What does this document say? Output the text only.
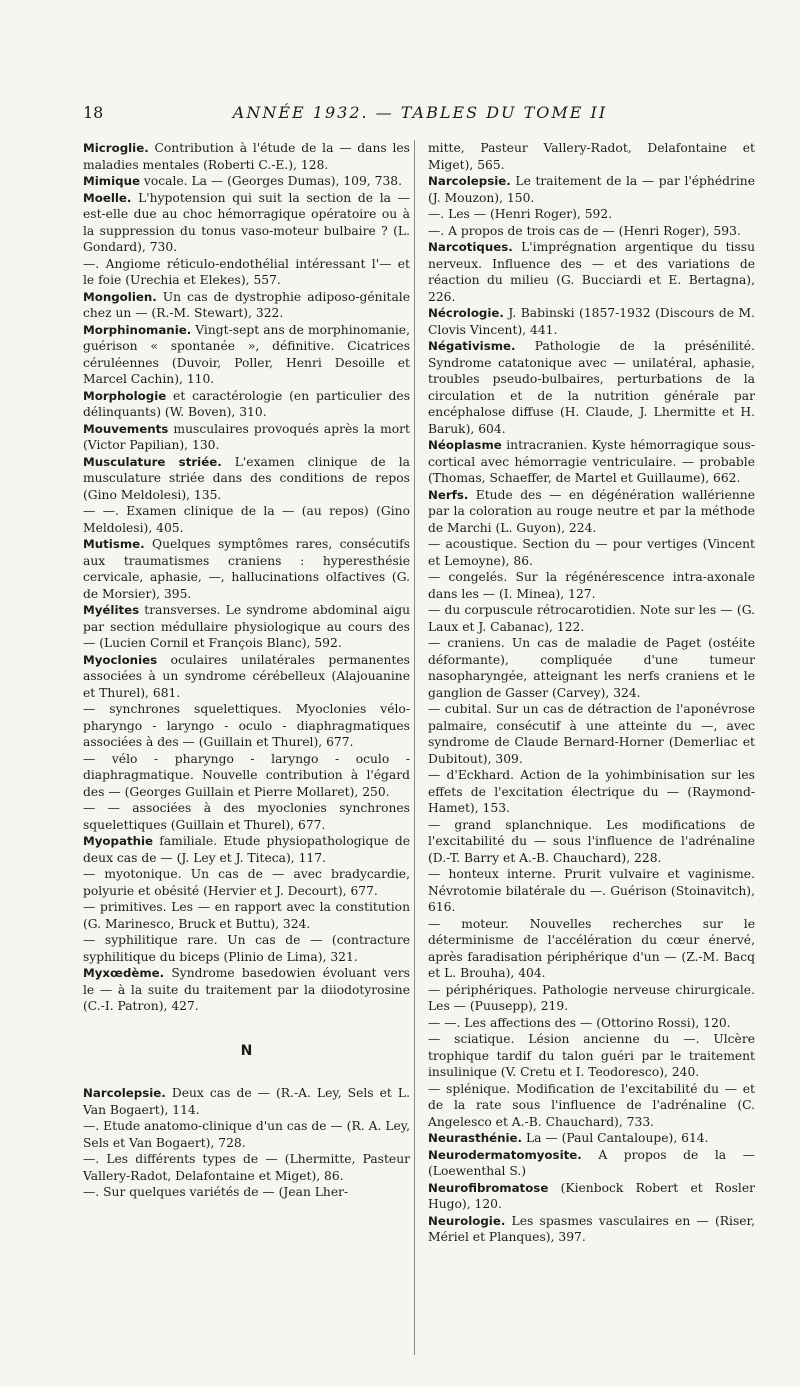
18	ANNÉE 1932. — TABLES DU TOME II

Microglie. Contribution à l'étude de la — dans les maladies mentales (Roberti C.-E.), 128.

Mimique vocale. La — (Georges Dumas), 109, 738.

Moelle. L'hypotension qui suit la section de la — est-elle due au choc hémorragique opératoire ou à la suppression du tonus vaso-moteur bulbaire ? (L. Gondard), 730.

—. Angiome réticulo-endothélial intéressant l'— et le foie (Urechia et Elekes), 557.

Mongolien. Un cas de dystrophie adiposo-génitale chez un — (R.-M. Stewart), 322.

Morphinomanie. Vingt-sept ans de morphinomanie, guérison « spontanée », définitive. Cicatrices céruléennes (Duvoir, Poller, Henri Desoille et Marcel Cachin), 110.

Morphologie et caractérologie (en particulier des délinquants) (W. Boven), 310.

Mouvements musculaires provoqués après la mort (Victor Papilian), 130.

Musculature striée. L'examen clinique de la musculature striée dans des conditions de repos (Gino Meldolesi), 135.

— —. Examen clinique de la — (au repos) (Gino Meldolesi), 405.

Mutisme. Quelques symptômes rares, consécutifs aux traumatismes craniens : hyperesthésie cervicale, aphasie, —, hallucinations olfactives (G. de Morsier), 395.

Myélites transverses. Le syndrome abdominal aigu par section médullaire physiologique au cours des — (Lucien Cornil et François Blanc), 592.

Myoclonies oculaires unilatérales permanentes associées à un syndrome cérébelleux (Alajouanine et Thurel), 681.

— synchrones squelettiques. Myoclonies vélo-pharyngo - laryngo - oculo - diaphragmatiques associées à des — (Guillain et Thurel), 677.

— vélo - pharyngo - laryngo - oculo - diaphragmatique. Nouvelle contribution à l'égard des — (Georges Guillain et Pierre Mollaret), 250.

— — associées à des myoclonies synchrones squelettiques (Guillain et Thurel), 677.

Myopathie familiale. Etude physiopathologique de deux cas de — (J. Ley et J. Titeca), 117.

— myotonique. Un cas de — avec bradycardie, polyurie et obésité (Hervier et J. Decourt), 677.

— primitives. Les — en rapport avec la constitution (G. Marinesco, Bruck et Buttu), 324.

— syphilitique rare. Un cas de — (contracture syphilitique du biceps (Plinio de Lima), 321.

Myxœdème. Syndrome basedowien évoluant vers le — à la suite du traitement par la diiodotyrosine (C.-I. Patron), 427.

N

Narcolepsie. Deux cas de — (R.-A. Ley, Sels et L. Van Bogaert), 114.

—. Etude anatomo-clinique d'un cas de — (R. A. Ley, Sels et Van Bogaert), 728.

—. Les différents types de — (Lhermitte, Pasteur Vallery-Radot, Delafontaine et Miget), 86.

—. Sur quelques variétés de — (Jean Lher-

mitte, Pasteur Vallery-Radot, Delafontaine et Miget), 565.

Narcolepsie. Le traitement de la — par l'éphédrine (J. Mouzon), 150.

—. Les — (Henri Roger), 592.

—. A propos de trois cas de — (Henri Roger), 593.

Narcotiques. L'imprégnation argentique du tissu nerveux. Influence des — et des variations de réaction du milieu (G. Bucciardi et E. Bertagna), 226.

Nécrologie. J. Babinski (1857-1932 (Discours de M. Clovis Vincent), 441.

Négativisme. Pathologie de la présénilité. Syndrome catatonique avec — unilatéral, aphasie, troubles pseudo-bulbaires, perturbations de la circulation et de la nutrition générale par encéphalose diffuse (H. Claude, J. Lhermitte et H. Baruk), 604.

Néoplasme intracranien. Kyste hémorragique sous-cortical avec hémorragie ventriculaire. — probable (Thomas, Schaeffer, de Martel et Guillaume), 662.

Nerfs. Etude des — en dégénération wallérienne par la coloration au rouge neutre et par la méthode de Marchi (L. Guyon), 224.

— acoustique. Section du — pour vertiges (Vincent et Lemoyne), 86.

— congelés. Sur la régénérescence intra-axonale dans les — (I. Minea), 127.

— du corpuscule rétrocarotidien. Note sur les — (G. Laux et J. Cabanac), 122.

— craniens. Un cas de maladie de Paget (ostéite déformante), compliquée d'une tumeur nasopharyngée, atteignant les nerfs craniens et le ganglion de Gasser (Carvey), 324.

— cubital. Sur un cas de détraction de l'aponévrose palmaire, consécutif à une atteinte du —, avec syndrome de Claude Bernard-Horner (Demerliac et Dubitout), 309.

— d'Eckhard. Action de la yohimbinisation sur les effets de l'excitation électrique du — (Raymond-Hamet), 153.

— grand splanchnique. Les modifications de l'excitabilité du — sous l'influence de l'adrénaline (D.-T. Barry et A.-B. Chauchard), 228.

— honteux interne. Prurit vulvaire et vaginisme. Névrotomie bilatérale du —. Guérison (Stoinavitch), 616.

— moteur. Nouvelles recherches sur le déterminisme de l'accélération du cœur énervé, après faradisation périphérique d'un — (Z.-M. Bacq et L. Brouha), 404.

— périphériques. Pathologie nerveuse chirurgicale. Les — (Puusepp), 219.

— —. Les affections des — (Ottorino Rossi), 120.

— sciatique. Lésion ancienne du —. Ulcère trophique tardif du talon guéri par le traitement insulinique (V. Cretu et I. Teodoresco), 240.

— splénique. Modification de l'excitabilité du — et de la rate sous l'influence de l'adrénaline (C. Angelesco et A.-B. Chauchard), 733.

Neurasthénie. La — (Paul Cantaloupe), 614.

Neurodermatomyosite. A propos de la — (Loewenthal S.)

Neurofibromatose (Kienbock Robert et Rosler Hugo), 120.

Neurologie. Les spasmes vasculaires en — (Riser, Mériel et Planques), 397.
